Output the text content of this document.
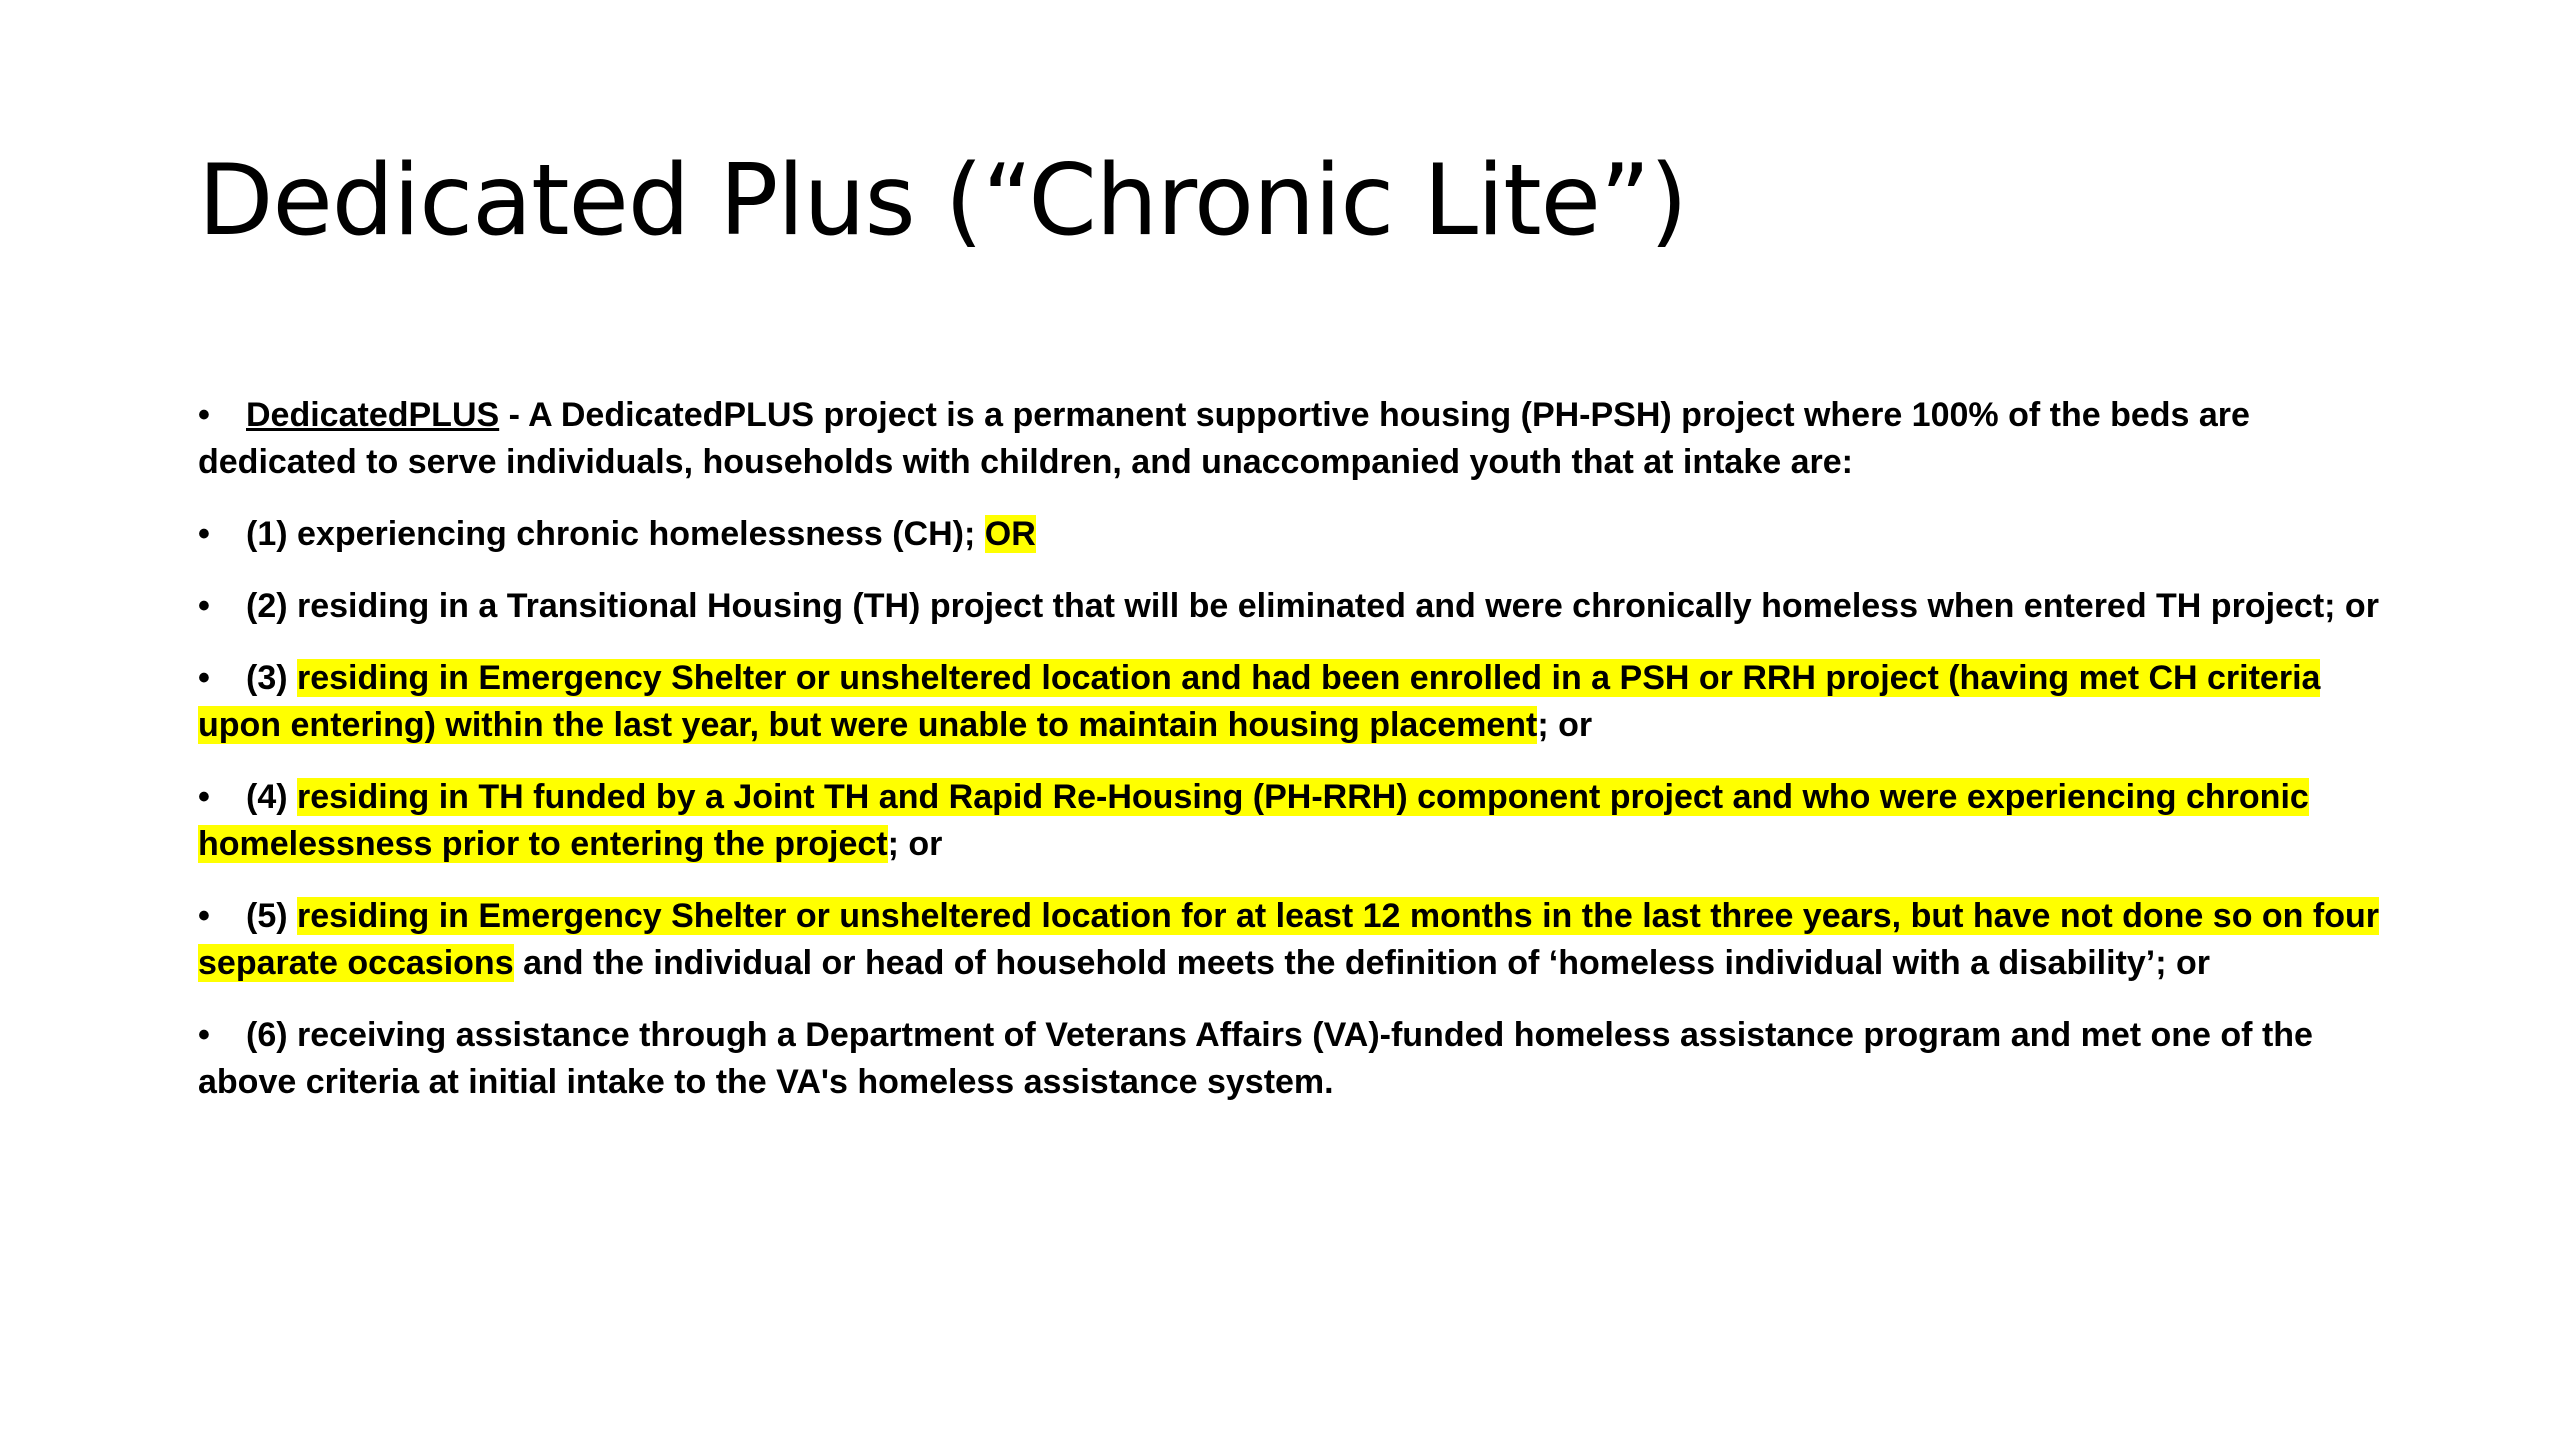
Dedicated Plus (“Chronic Lite”)
• DedicatedPLUS - A DedicatedPLUS project is a permanent supportive housing (PH-PSH) project where 100% of the beds are dedicated to serve individuals, households with children, and unaccompanied youth that at intake are:
• (1) experiencing chronic homelessness (CH); OR
• (2) residing in a Transitional Housing (TH) project that will be eliminated and were chronically homeless when entered TH project; or
• (3) residing in Emergency Shelter or unsheltered location and had been enrolled in a PSH or RRH project (having met CH criteria upon entering) within the last year, but were unable to maintain housing placement; or
• (4) residing in TH funded by a Joint TH and Rapid Re-Housing (PH-RRH) component project and who were experiencing chronic homelessness prior to entering the project; or
• (5) residing in Emergency Shelter or unsheltered location for at least 12 months in the last three years, but have not done so on four separate occasions and the individual or head of household meets the definition of ‘homeless individual with a disability’; or
• (6) receiving assistance through a Department of Veterans Affairs (VA)-funded homeless assistance program and met one of the above criteria at initial intake to the VA's homeless assistance system.
